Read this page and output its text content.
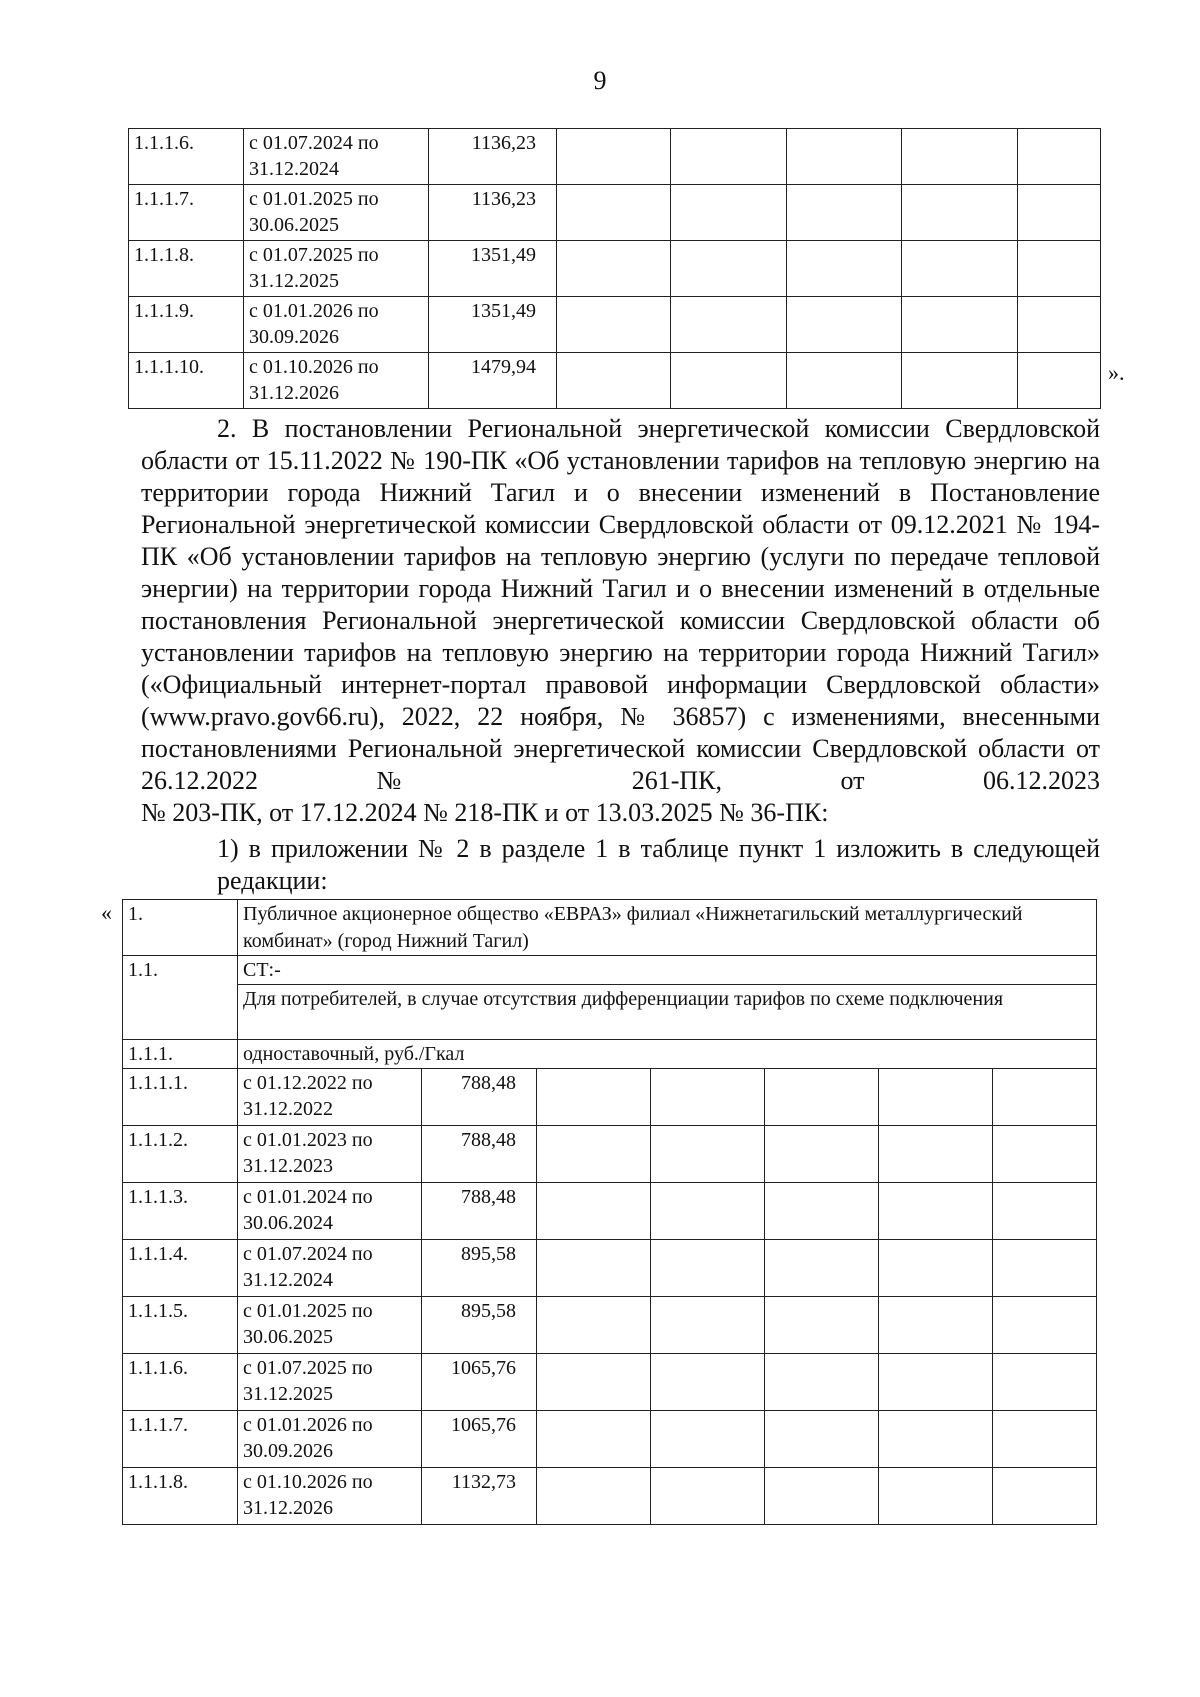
9
1.1.1.6.	с 01.07.2024 по 31.12.2024	1136,23					
1.1.1.7.	с 01.01.2025 по 30.06.2025	1136,23					
1.1.1.8.	с 01.07.2025 по 31.12.2025	1351,49					
1.1.1.9.	с 01.01.2026 по 30.09.2026	1351,49					
1.1.1.10.	с 01.10.2026 по 31.12.2026	1479,94						».
2. В постановлении Региональной энергетической комиссии Свердловской
области от 15.11.2022 № 190-ПК «Об установлении тарифов на тепловую энергию на территории города Нижний Тагил и о внесении изменений в Постановление Региональной энергетической комиссии Свердловской области от 09.12.2021 № 194-ПК «Об установлении тарифов на тепловую энергию (услуги по передаче тепловой энергии) на территории города Нижний Тагил и о внесении изменений в отдельные постановления Региональной энергетической комиссии Свердловской области об установлении тарифов на тепловую энергию на территории города Нижний Тагил» («Официальный интернет-портал правовой информации Свердловской области» (www.pravo.gov66.ru), 2022, 22 ноября, № 36857) с изменениями, внесенными постановлениями Региональной энергетической комиссии Свердловской области от 26.12.2022 № 261-ПК, от 06.12.2023
№ 203-ПК, от 17.12.2024 № 218-ПК и от 13.03.2025 № 36-ПК:
1) в приложении № 2 в разделе 1 в таблице пункт 1 изложить в следующей
редакции:
« 1.	Публичное акционерное общество «ЕВРАЗ» филиал «Нижнетагильский металлургический комбинат» (город Нижний Тагил)						
1.1.	СТ:-						
	Для потребителей, в случае отсутствия дифференциации тарифов по схеме подключения						
1.1.1.	одноставочный, руб./Гкал						
1.1.1.1.	с 01.12.2022 по 31.12.2022	788,48					
1.1.1.2.	с 01.01.2023 по 31.12.2023	788,48					
1.1.1.3.	с 01.01.2024 по 30.06.2024	788,48					
1.1.1.4.	с 01.07.2024 по 31.12.2024	895,58					
1.1.1.5.	с 01.01.2025 по 30.06.2025	895,58					
1.1.1.6.	с 01.07.2025 по 31.12.2025	1065,76					
1.1.1.7.	с 01.01.2026 по 30.09.2026	1065,76					
1.1.1.8.	с 01.10.2026 по 31.12.2026	1132,73					
